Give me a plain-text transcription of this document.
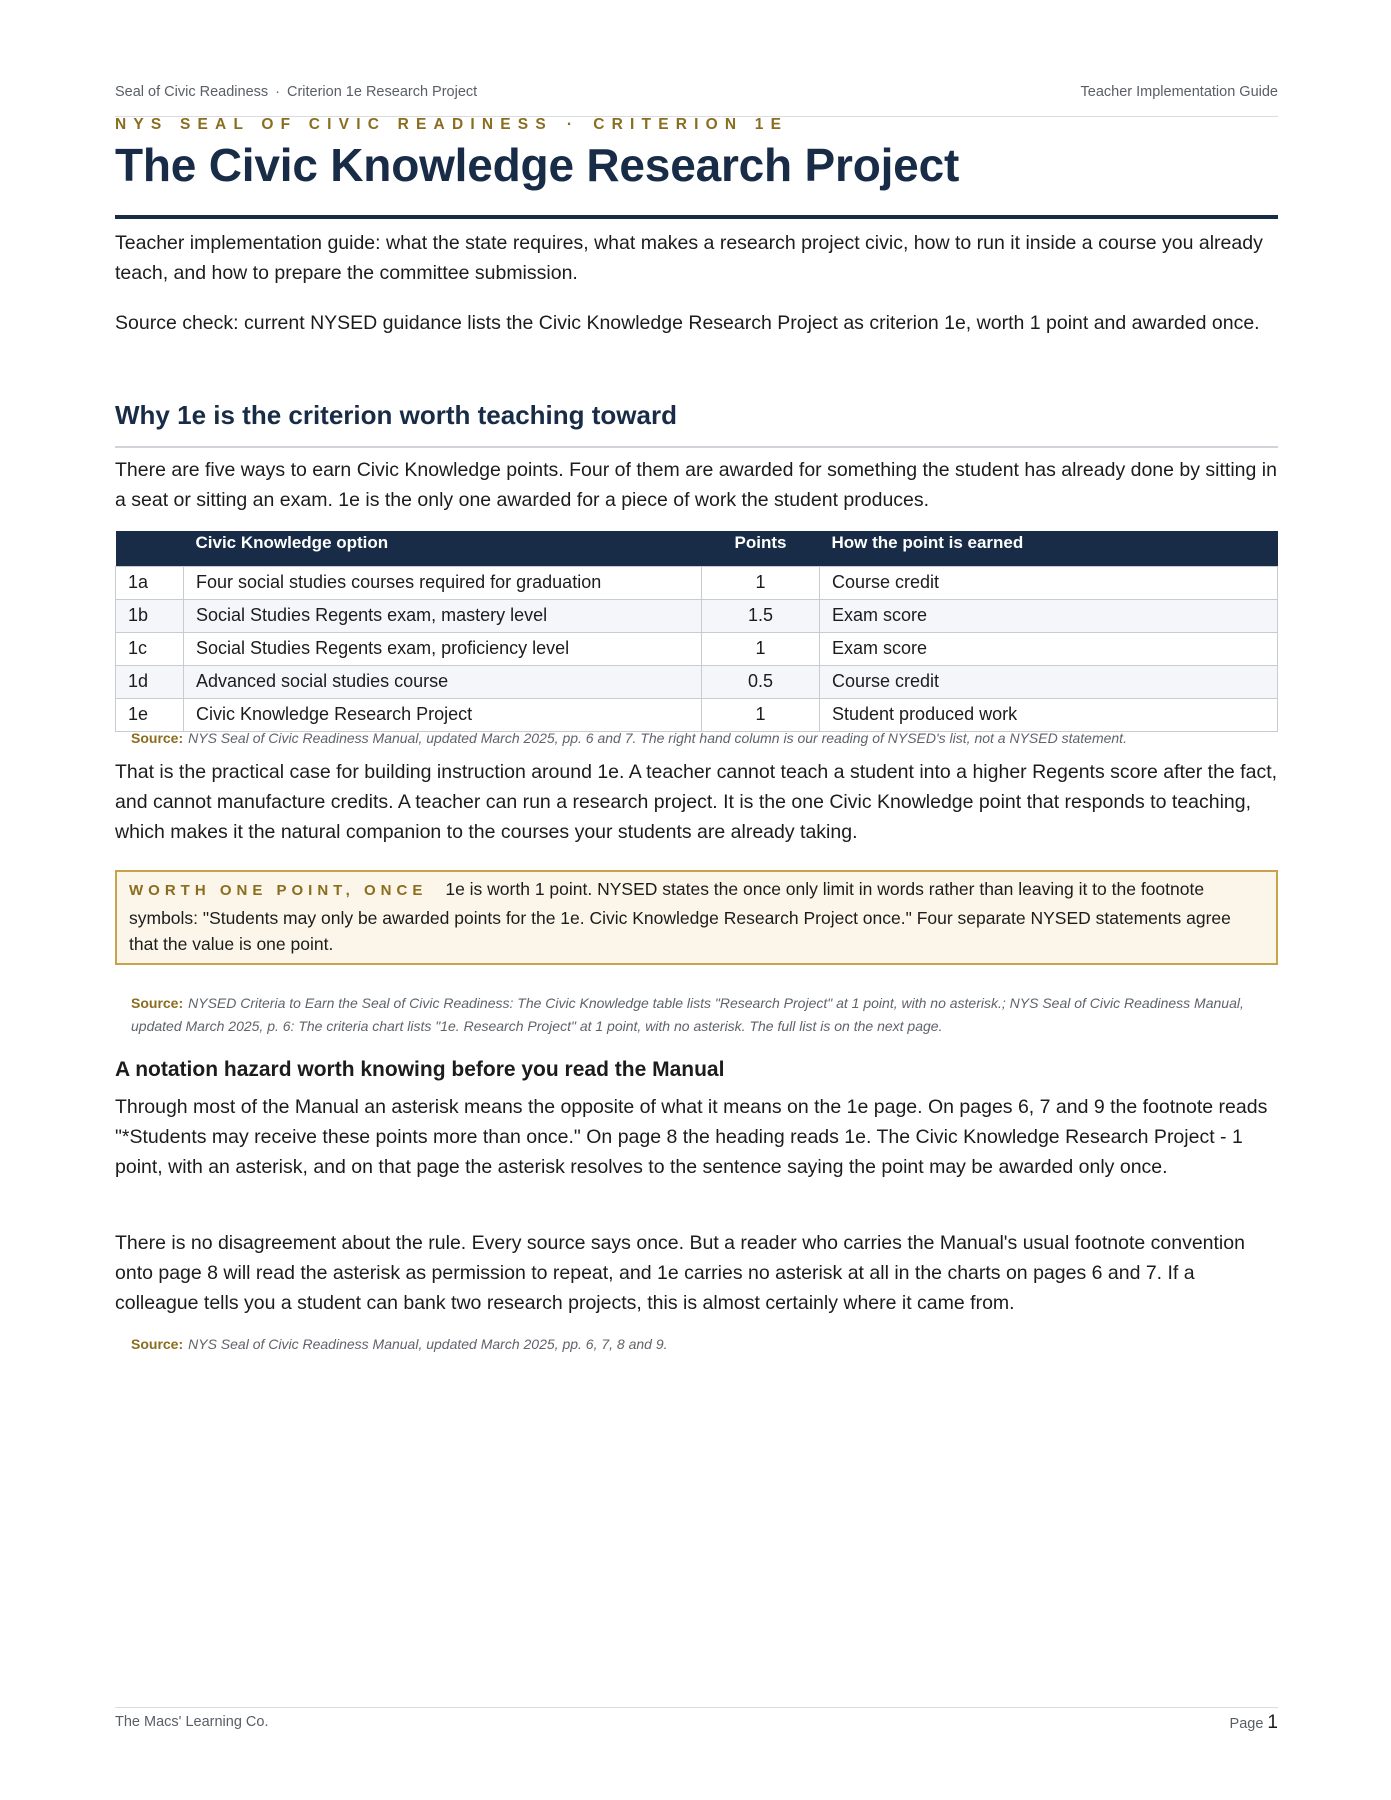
Seal of Civic Readiness · Criterion 1e Research Project	Teacher Implementation Guide
NYS SEAL OF CIVIC READINESS · CRITERION 1E
The Civic Knowledge Research Project
Teacher implementation guide: what the state requires, what makes a research project civic, how to run it inside a course you already teach, and how to prepare the committee submission.
Source check: current NYSED guidance lists the Civic Knowledge Research Project as criterion 1e, worth 1 point and awarded once.
Why 1e is the criterion worth teaching toward
There are five ways to earn Civic Knowledge points. Four of them are awarded for something the student has already done by sitting in a seat or sitting an exam. 1e is the only one awarded for a piece of work the student produces.
	Civic Knowledge option	Points	How the point is earned
1a	Four social studies courses required for graduation	1	Course credit
1b	Social Studies Regents exam, mastery level	1.5	Exam score
1c	Social Studies Regents exam, proficiency level	1	Exam score
1d	Advanced social studies course	0.5	Course credit
1e	Civic Knowledge Research Project	1	Student produced work
Source: NYS Seal of Civic Readiness Manual, updated March 2025, pp. 6 and 7. The right hand column is our reading of NYSED's list, not a NYSED statement.
That is the practical case for building instruction around 1e. A teacher cannot teach a student into a higher Regents score after the fact, and cannot manufacture credits. A teacher can run a research project. It is the one Civic Knowledge point that responds to teaching, which makes it the natural companion to the courses your students are already taking.
WORTH ONE POINT, ONCE 1e is worth 1 point. NYSED states the once only limit in words rather than leaving it to the footnote symbols: "Students may only be awarded points for the 1e. Civic Knowledge Research Project once." Four separate NYSED statements agree that the value is one point.
Source: NYSED Criteria to Earn the Seal of Civic Readiness: The Civic Knowledge table lists "Research Project" at 1 point, with no asterisk.; NYS Seal of Civic Readiness Manual, updated March 2025, p. 6: The criteria chart lists "1e. Research Project" at 1 point, with no asterisk. The full list is on the next page.
A notation hazard worth knowing before you read the Manual
Through most of the Manual an asterisk means the opposite of what it means on the 1e page. On pages 6, 7 and 9 the footnote reads "*Students may receive these points more than once." On page 8 the heading reads 1e. The Civic Knowledge Research Project - 1 point, with an asterisk, and on that page the asterisk resolves to the sentence saying the point may be awarded only once.
There is no disagreement about the rule. Every source says once. But a reader who carries the Manual's usual footnote convention onto page 8 will read the asterisk as permission to repeat, and 1e carries no asterisk at all in the charts on pages 6 and 7. If a colleague tells you a student can bank two research projects, this is almost certainly where it came from.
Source: NYS Seal of Civic Readiness Manual, updated March 2025, pp. 6, 7, 8 and 9.
The Macs' Learning Co.	Page 1
